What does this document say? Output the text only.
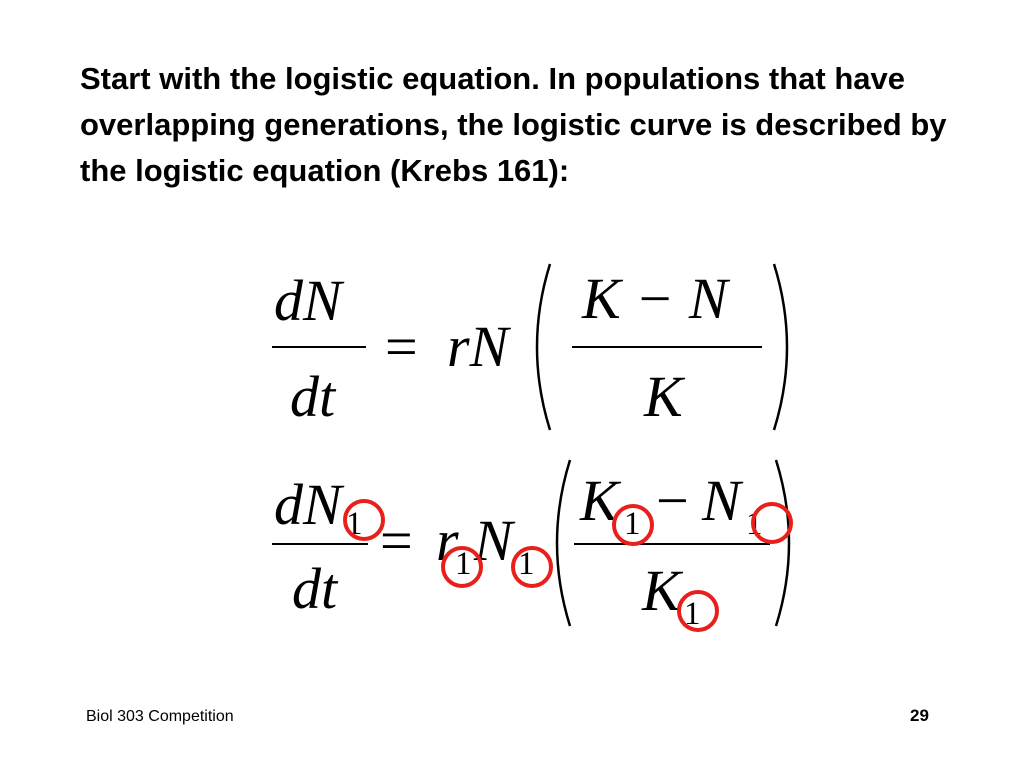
Start with the logistic equation. In populations that have overlapping generations, the logistic curve is described by the logistic equation (Krebs 161):
dN
dt
= rN
K − N
K
dN 1
dt
= r
1 N 1
K 1 − N 1
K 1
Biol 303 Competition	29
